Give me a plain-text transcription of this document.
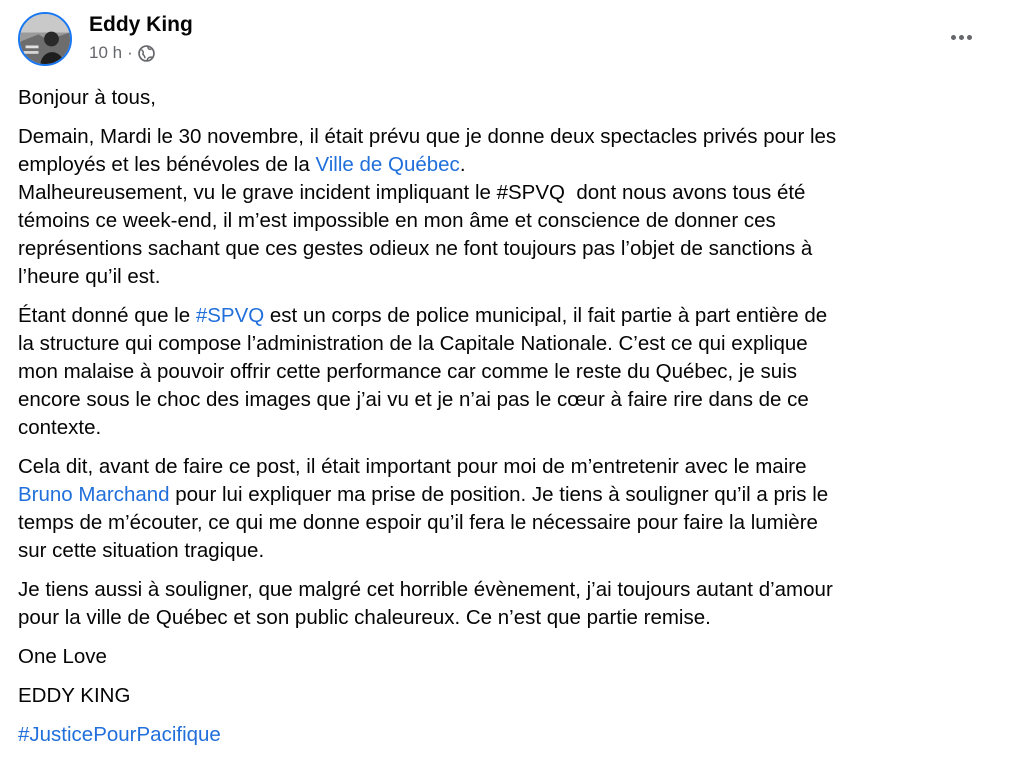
Eddy King
10 h ·

Bonjour à tous,

Demain, Mardi le 30 novembre, il était prévu que je donne deux spectacles privés pour les
employés et les bénévoles de la Ville de Québec.
Malheureusement, vu le grave incident impliquant le #SPVQ  dont nous avons tous été
témoins ce week-end, il m’est impossible en mon âme et conscience de donner ces
représentions sachant que ces gestes odieux ne font toujours pas l’objet de sanctions à
l’heure qu’il est.

Étant donné que le #SPVQ est un corps de police municipal, il fait partie à part entière de
la structure qui compose l’administration de la Capitale Nationale. C’est ce qui explique
mon malaise à pouvoir offrir cette performance car comme le reste du Québec, je suis
encore sous le choc des images que j’ai vu et je n’ai pas le cœur à faire rire dans de ce
contexte.

Cela dit, avant de faire ce post, il était important pour moi de m’entretenir avec le maire
Bruno Marchand pour lui expliquer ma prise de position. Je tiens à souligner qu’il a pris le
temps de m’écouter, ce qui me donne espoir qu’il fera le nécessaire pour faire la lumière
sur cette situation tragique.

Je tiens aussi à souligner, que malgré cet horrible évènement, j’ai toujours autant d’amour
pour la ville de Québec et son public chaleureux. Ce n’est que partie remise.

One Love

EDDY KING

#JusticePourPacifique
